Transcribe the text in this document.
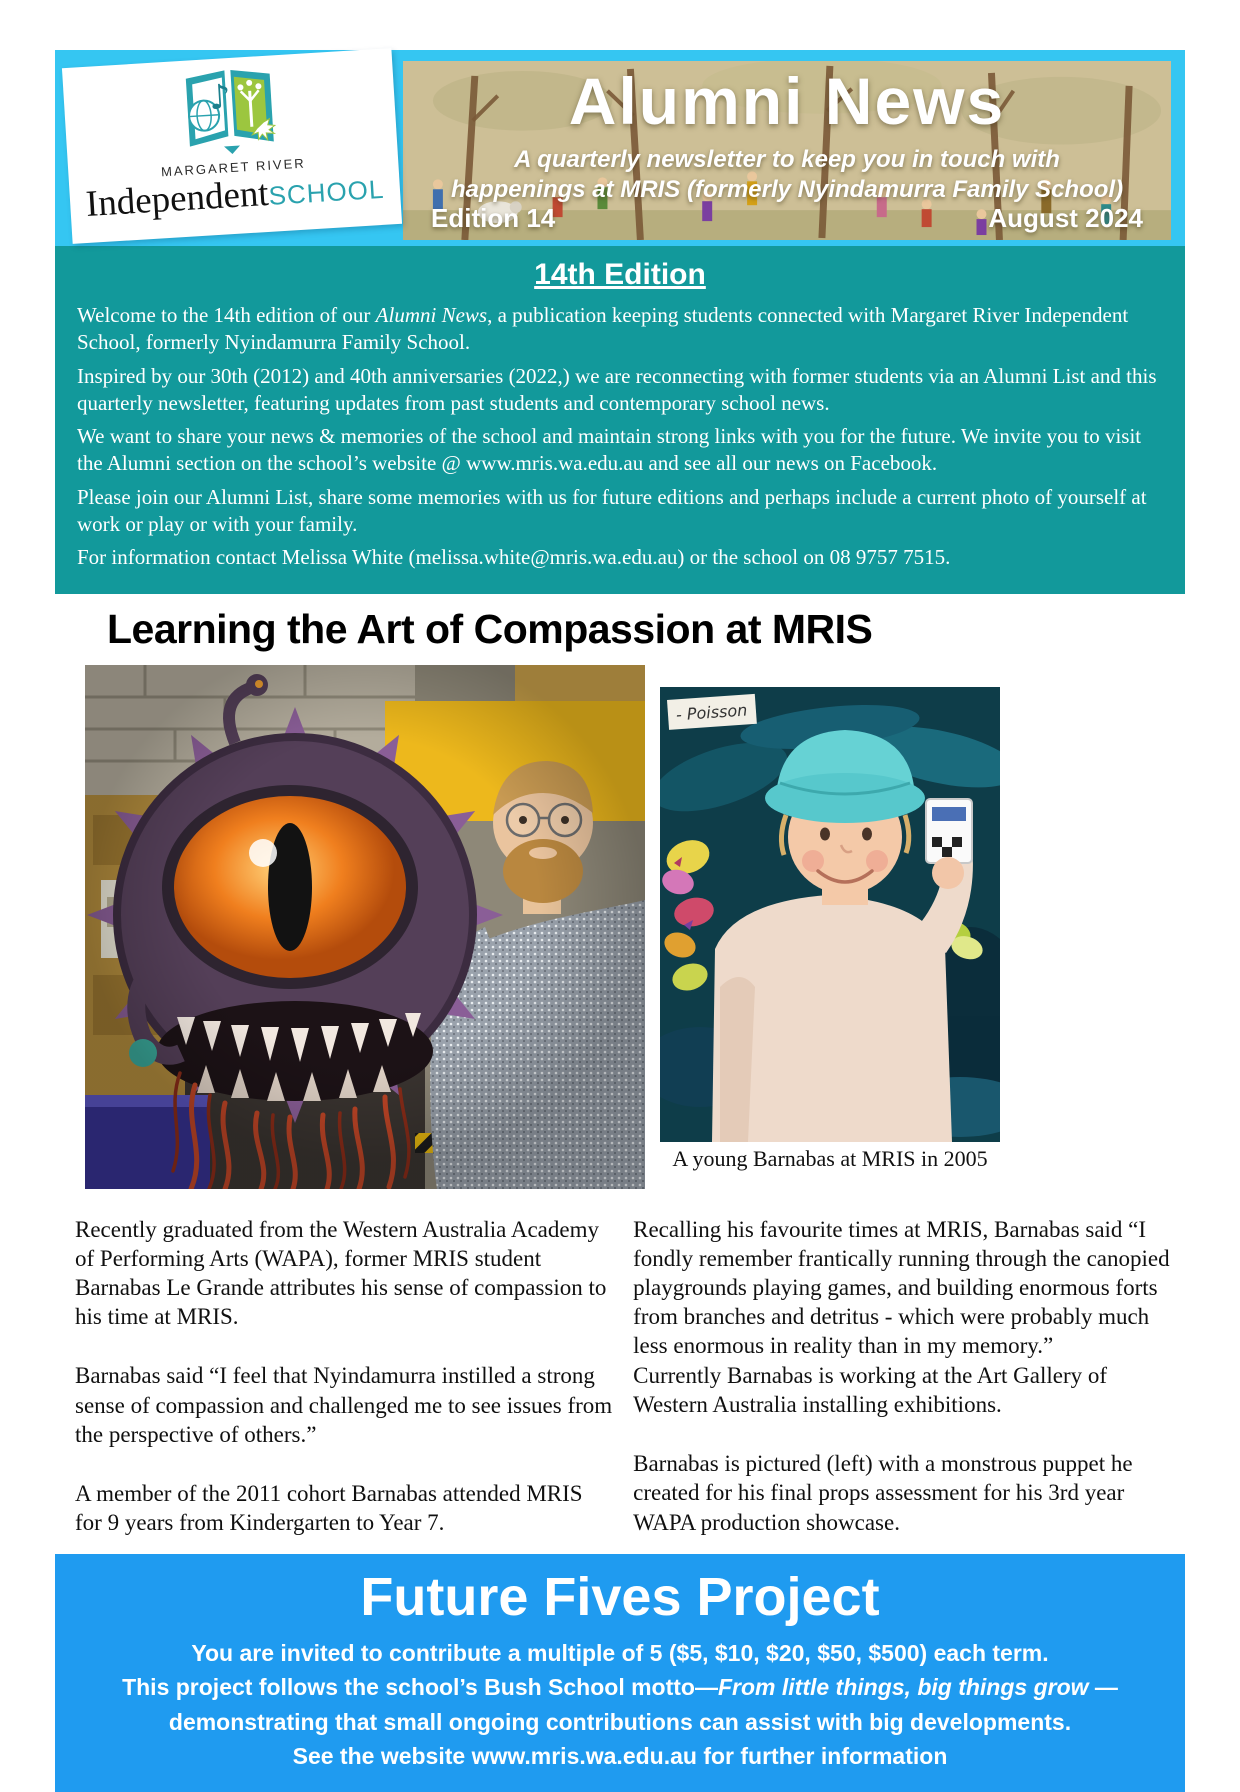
♪
MARGARET RIVER
IndependentSCHOOL
Alumni News
A quarterly newsletter to keep you in touch with happenings at MRIS (formerly Nyindamurra Family School)
Edition 14	August 2024
14th Edition

Welcome to the 14th edition of our Alumni News, a publication keeping students connected with Margaret River Independent School, formerly Nyindamurra Family School.

Inspired by our 30th (2012) and 40th anniversaries (2022,) we are reconnecting with former students via an Alumni List and this quarterly newsletter, featuring updates from past students and contemporary school news.

We want to share your news & memories of the school and maintain strong links with you for the future. We invite you to visit the Alumni section on the school’s website @ www.mris.wa.edu.au and see all our news on Facebook.

Please join our Alumni List, share some memories with us for future editions and perhaps include a current photo of yourself at work or play or with your family.

For information contact Melissa White (melissa.white@mris.wa.edu.au) or the school on 08 9757 7515.

Learning the Art of Compassion at MRIS
- Poisson
A young Barnabas at MRIS in 2005

Recently graduated from the Western Australia Academy of Performing Arts (WAPA), former MRIS student Barnabas Le Grande attributes his sense of compassion to his time at MRIS.

Barnabas said “I feel that Nyindamurra instilled a strong sense of compassion and challenged me to see issues from the perspective of others.”

A member of the 2011 cohort Barnabas attended MRIS for 9 years from Kindergarten to Year 7.

Recalling his favourite times at MRIS, Barnabas said “I fondly remember frantically running through the canopied playgrounds playing games, and building enormous forts from branches and detritus - which were probably much less enormous in reality than in my memory.”

Currently Barnabas is working at the Art Gallery of Western Australia installing exhibitions.

Barnabas is pictured (left) with a monstrous puppet he created for his final props assessment for his 3rd year WAPA production showcase.

Future Fives Project
You are invited to contribute a multiple of 5 ($5, $10, $20, $50, $500) each term.
This project follows the school’s Bush School motto—From little things, big things grow —
demonstrating that small ongoing contributions can assist with big developments.
See the website www.mris.wa.edu.au for further information
